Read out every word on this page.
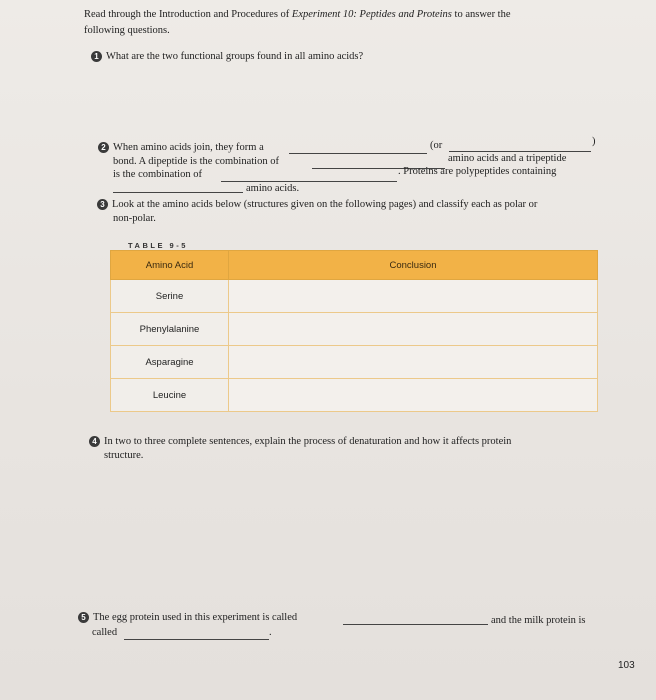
Read through the Introduction and Procedures of Experiment 10: Peptides and Proteins to answer the
following questions.
1 What are the two functional groups found in all amino acids?
2 When amino acids join, they form a	(or	)
bond. A dipeptide is the combination of	amino acids and a tripeptide
is the combination of	. Proteins are polypeptides containing
amino acids.
3 Look at the amino acids below (structures given on the following pages) and classify each as polar or
non-polar.
TABLE 9-5
Amino Acid	Conclusion
Serine	
Phenylalanine	
Asparagine	
Leucine	
4 In two to three complete sentences, explain the process of denaturation and how it affects protein
structure.
5 The egg protein used in this experiment is called	and the milk protein is
called	.
103
